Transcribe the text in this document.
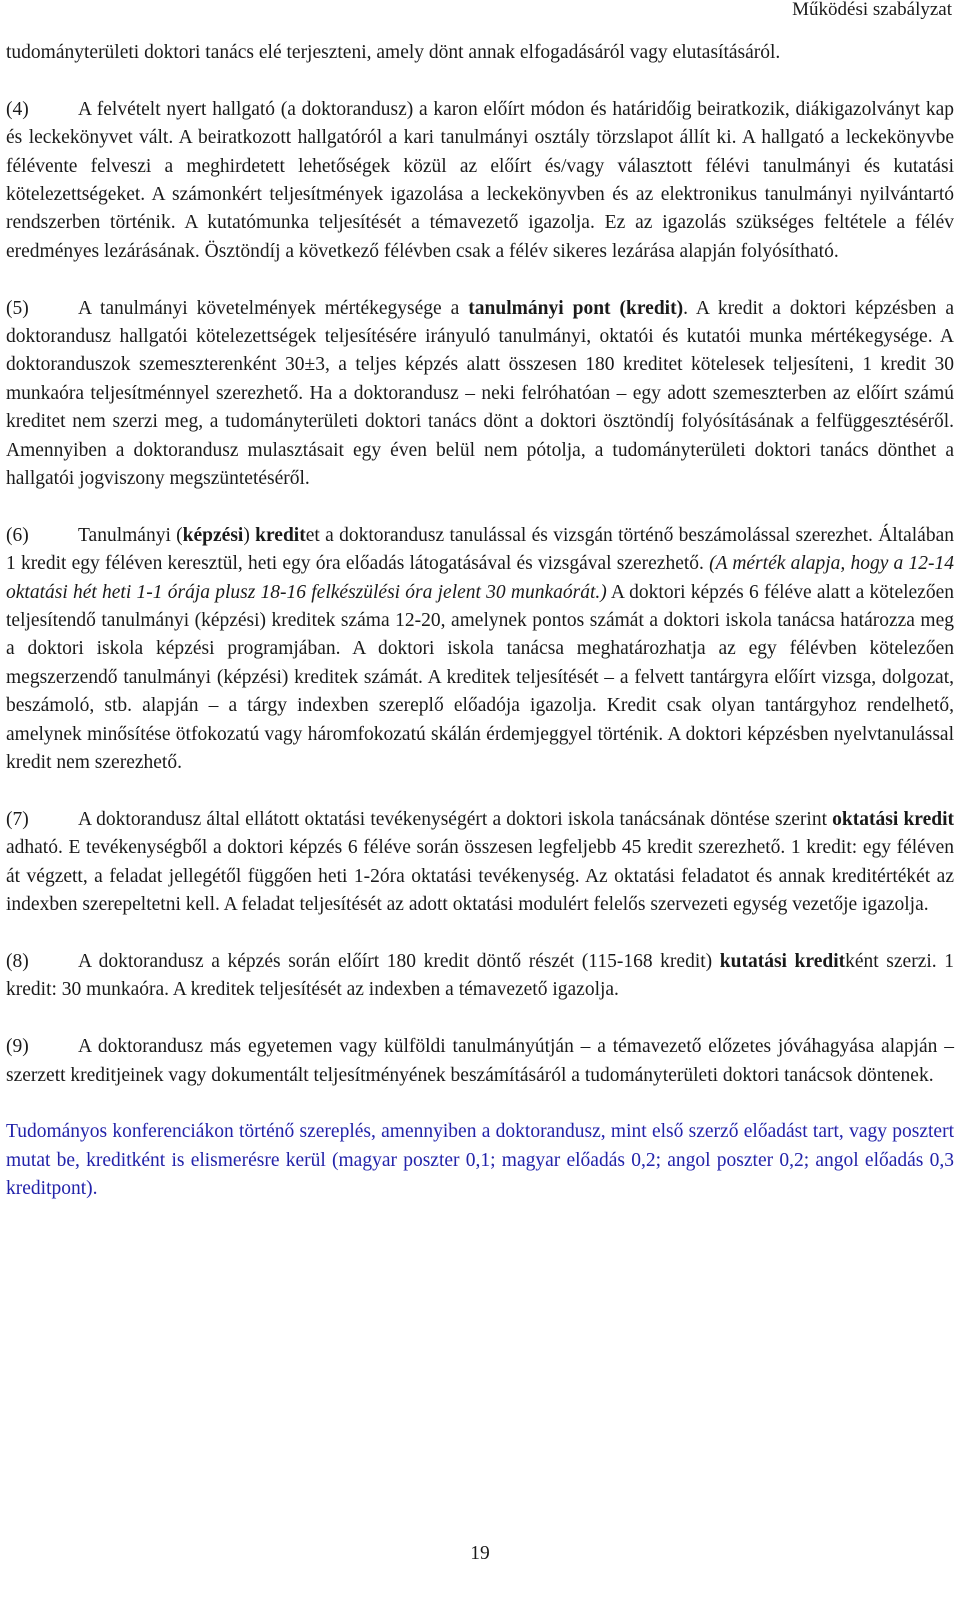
Működési szabályzat

tudományterületi doktori tanács elé terjeszteni, amely dönt annak elfogadásáról vagy elutasításáról.

(4)	A felvételt nyert hallgató (a doktorandusz) a karon előírt módon és határidőig beiratkozik, diákigazolványt kap és leckekönyvet vált. A beiratkozott hallgatóról a kari tanulmányi osztály törzslapot állít ki. A hallgató a leckekönyvbe félévente felveszi a meghirdetett lehetőségek közül az előírt és/vagy választott félévi tanulmányi és kutatási kötelezettségeket. A számonkért teljesítmények igazolása a leckekönyvben és az elektronikus tanulmányi nyilvántartó rendszerben történik. A kutatómunka teljesítését a témavezető igazolja. Ez az igazolás szükséges feltétele a félév eredményes lezárásának. Ösztöndíj a következő félévben csak a félév sikeres lezárása alapján folyósítható.

(5)	A tanulmányi követelmények mértékegysége a tanulmányi pont (kredit). A kredit a doktori képzésben a doktorandusz hallgatói kötelezettségek teljesítésére irányuló tanulmányi, oktatói és kutatói munka mértékegysége. A doktoranduszok szemeszterenként 30±3, a teljes képzés alatt összesen 180 kreditet kötelesek teljesíteni, 1 kredit 30 munkaóra teljesítménnyel szerezhető. Ha a doktorandusz – neki felróhatóan – egy adott szemeszterben az előírt számú kreditet nem szerzi meg, a tudományterületi doktori tanács dönt a doktori ösztöndíj folyósításának a felfüggesztéséről. Amennyiben a doktorandusz mulasztásait egy éven belül nem pótolja, a tudományterületi doktori tanács dönthet a hallgatói jogviszony megszüntetéséről.

(6)	Tanulmányi (képzési) kreditet a doktorandusz tanulással és vizsgán történő beszámolással szerezhet. Általában 1 kredit egy féléven keresztül, heti egy óra előadás látogatásával és vizsgával szerezhető. (A mérték alapja, hogy a 12-14 oktatási hét heti 1-1 órája plusz 18-16 felkészülési óra jelent 30 munkaórát.) A doktori képzés 6 féléve alatt a kötelezően teljesítendő tanulmányi (képzési) kreditek száma 12-20, amelynek pontos számát a doktori iskola tanácsa határozza meg a doktori iskola képzési programjában. A doktori iskola tanácsa meghatározhatja az egy félévben kötelezően megszerzendő tanulmányi (képzési) kreditek számát. A kreditek teljesítését – a felvett tantárgyra előírt vizsga, dolgozat, beszámoló, stb. alapján – a tárgy indexben szereplő előadója igazolja. Kredit csak olyan tantárgyhoz rendelhető, amelynek minősítése ötfokozatú vagy háromfokozatú skálán érdemjeggyel történik. A doktori képzésben nyelvtanulással kredit nem szerezhető.

(7)	A doktorandusz által ellátott oktatási tevékenységért a doktori iskola tanácsának döntése szerint oktatási kredit adható. E tevékenységből a doktori képzés 6 féléve során összesen legfeljebb 45 kredit szerezhető. 1 kredit: egy féléven át végzett, a feladat jellegétől függően heti 1-2óra oktatási tevékenység. Az oktatási feladatot és annak kreditértékét az indexben szerepeltetni kell. A feladat teljesítését az adott oktatási modulért felelős szervezeti egység vezetője igazolja.

(8)	A doktorandusz a képzés során előírt 180 kredit döntő részét (115-168 kredit) kutatási kreditként szerzi. 1 kredit: 30 munkaóra. A kreditek teljesítését az indexben a témavezető igazolja.

(9)	A doktorandusz más egyetemen vagy külföldi tanulmányútján – a témavezető előzetes jóváhagyása alapján – szerzett kreditjeinek vagy dokumentált teljesítményének beszámításáról a tudományterületi doktori tanácsok döntenek.

Tudományos konferenciákon történő szereplés, amennyiben a doktorandusz, mint első szerző előadást tart, vagy posztert mutat be, kreditként is elismerésre kerül (magyar poszter 0,1; magyar előadás 0,2; angol poszter 0,2; angol előadás 0,3 kreditpont).

19
